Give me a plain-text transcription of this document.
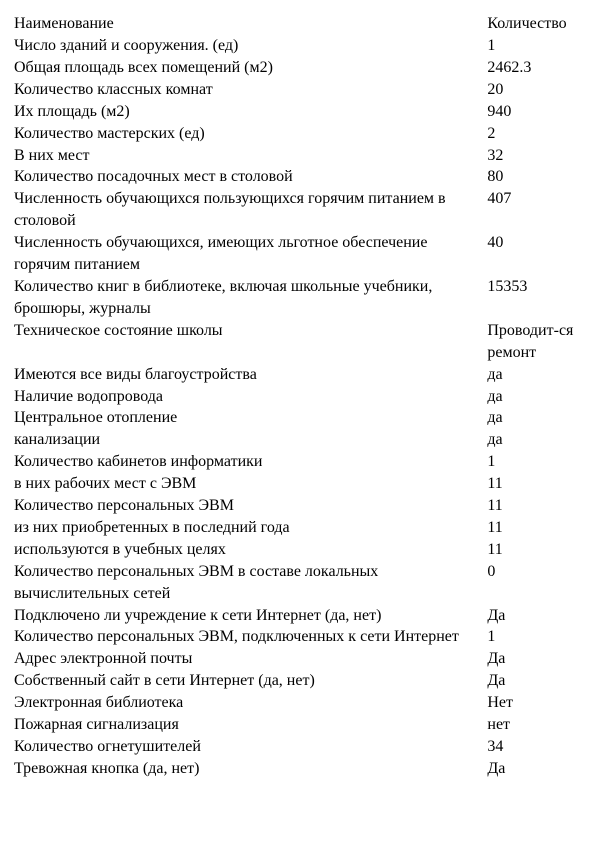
Наименование	Количество
Число зданий и сооружения. (ед)	1
Общая площадь всех помещений (м2)	2462.3
Количество классных комнат	20
Их площадь (м2)	940
Количество мастерских (ед)	2
В них мест	32
Количество посадочных мест в столовой	80
Численность обучающихся пользующихся горячим питанием в столовой	407
Численность обучающихся, имеющих льготное обеспечение горячим питанием	40
Количество книг в библиотеке, включая школьные учебники, брошюры, журналы	15353
Техническое состояние школы	Проводит-ся ремонт
Имеются все виды благоустройства	да
Наличие водопровода	да
Центральное отопление	да
канализации	да
Количество кабинетов информатики	1
в них рабочих мест с ЭВМ	11
Количество персональных ЭВМ	11
из них приобретенных в последний года	11
используются в учебных целях	11
Количество персональных ЭВМ в составе локальных вычислительных сетей	0
Подключено ли учреждение к сети Интернет (да, нет)	Да
Количество персональных ЭВМ, подключенных к сети Интернет	1
Адрес электронной почты	Да
Собственный сайт в сети Интернет (да, нет)	Да
Электронная библиотека	Нет
Пожарная сигнализация	нет
Количество огнетушителей	34
Тревожная кнопка (да, нет)	Да
